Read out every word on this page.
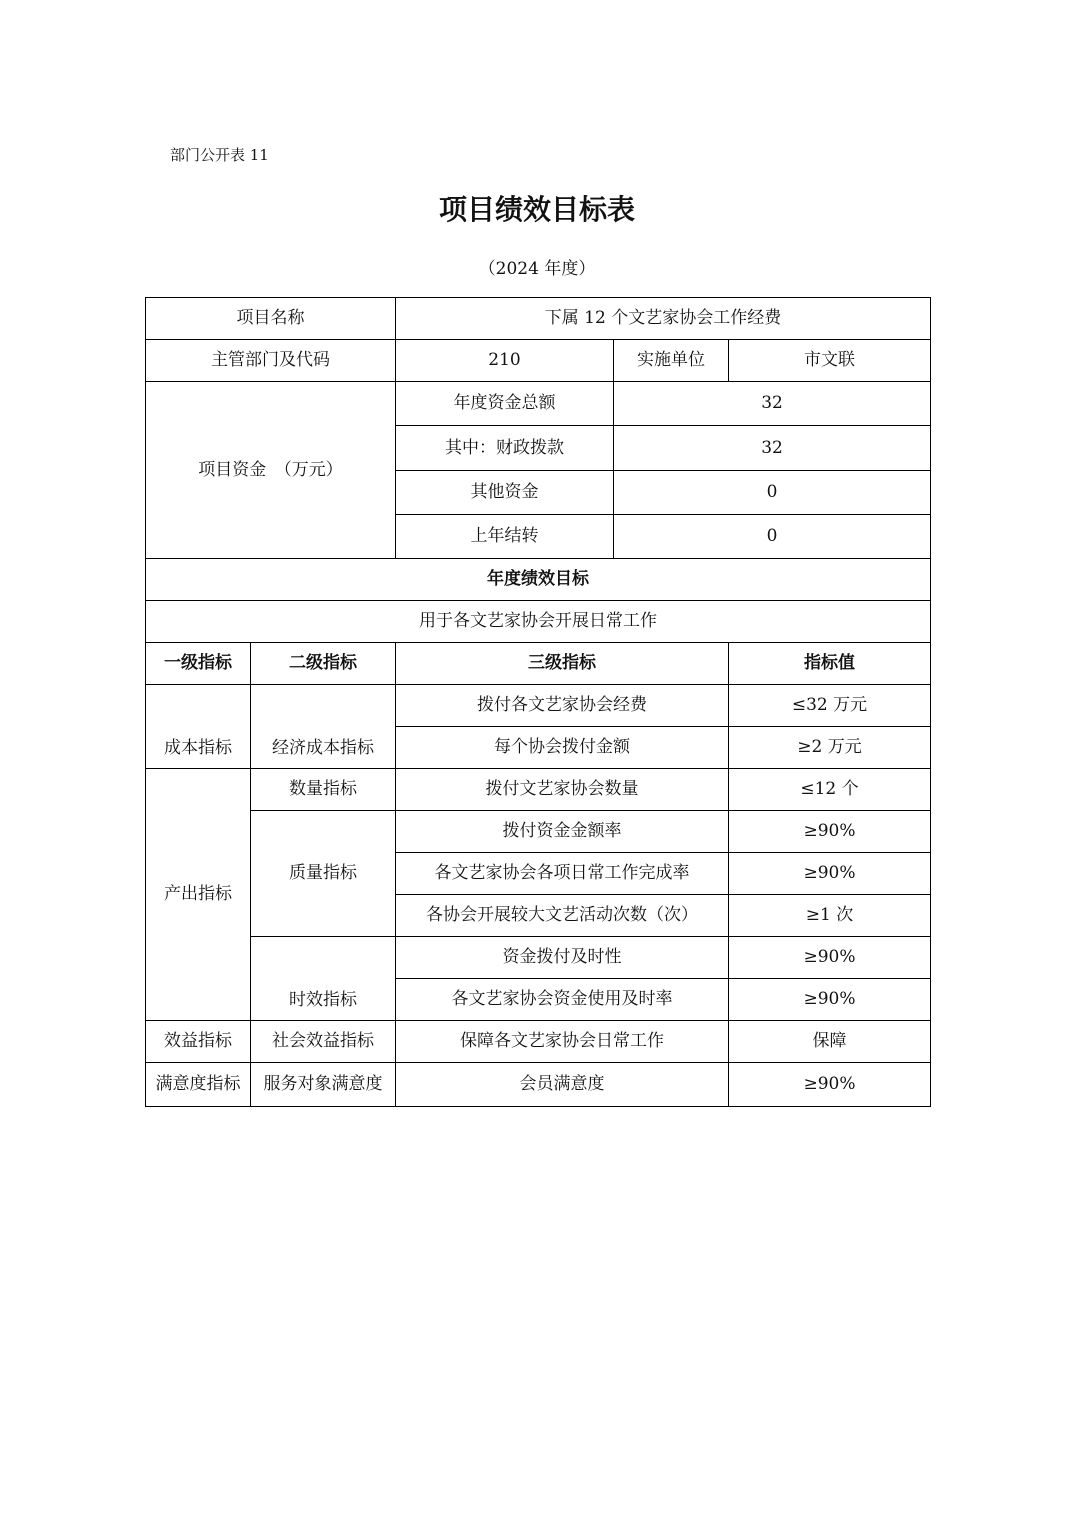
部门公开表 11
项目绩效目标表
（2024 年度）
项目名称		下属 12 个文艺家协会工作经费		
主管部门及代码		210	实施单位	市文联
项目资金　（万元）		年度资金总额	32	
		其中：财政拨款	32	
		其他资金	0	
		上年结转	0	
年度绩效目标				
用于各文艺家协会开展日常工作				
一级指标	二级指标	三级指标		指标值
成本指标	经济成本指标	拨付各文艺家协会经费		≤32 万元
		每个协会拨付金额		≥2 万元
产出指标	数量指标	拨付文艺家协会数量		≤12 个
	质量指标	拨付资金金额率		≥90%
		各文艺家协会各项日常工作完成率		≥90%
		各协会开展较大文艺活动次数（次）		≥1 次
	时效指标	资金拨付及时性		≥90%
		各文艺家协会资金使用及时率		≥90%
效益指标	社会效益指标	保障各文艺家协会日常工作		保障
满意度指标	服务对象满意度	会员满意度		≥90%
